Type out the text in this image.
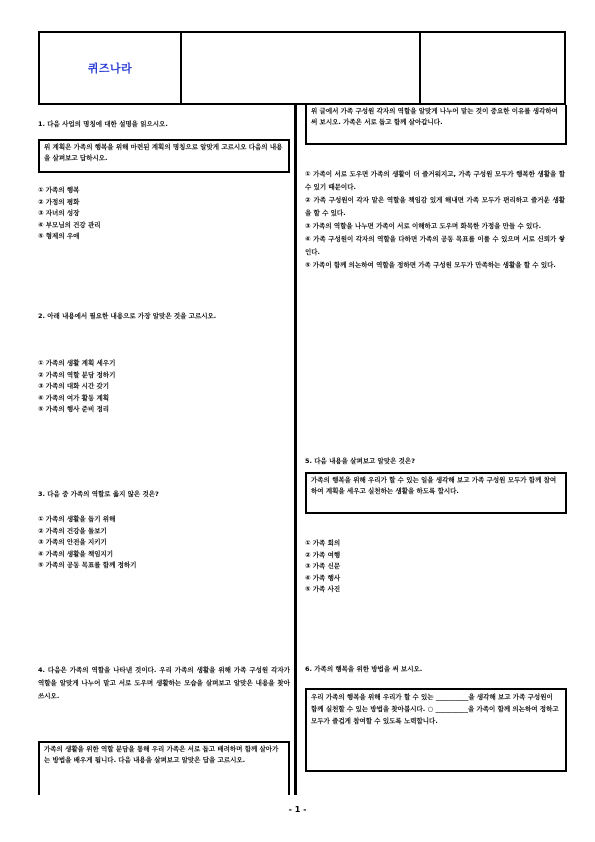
퀴즈나라
1. 다음 사업의 명칭에 대한 설명을 읽으시오.
위 계획은 가족의 행복을 위해 마련된 계획의 명칭으로 알맞게 고르시오 다음의 내용을 살펴보고 답하시오.
① 가족의 행복
② 가정의 평화
③ 자녀의 성장
④ 부모님의 건강 관리
⑤ 형제의 우애
2. 아래 내용에서 필요한 내용으로 가장 알맞은 것을 고르시오.
① 가족의 생활 계획 세우기
② 가족의 역할 분담 정하기
③ 가족의 대화 시간 갖기
④ 가족의 여가 활동 계획
⑤ 가족의 행사 준비 정리
3. 다음 중 가족의 역할로 옳지 않은 것은?
① 가족의 생활을 돕기 위해
② 가족의 건강을 돌보기
③ 가족의 안전을 지키기
④ 가족의 생활을 책임지기
⑤ 가족의 공동 목표를 함께 정하기
4. 다음은 가족의 역할을 나타낸 것이다. 우리 가족의 생활을 위해 가족 구성원 각자가 역할을 알맞게 나누어 맡고 서로 도우며 생활하는 모습을 살펴보고 알맞은 내용을 찾아 쓰시오.
가족의 생활을 위한 역할 분담을 통해 우리 가족은 서로 돕고 배려하며 함께 살아가는 방법을 배우게 됩니다. 다음 내용을 살펴보고 알맞은 답을 고르시오.
위 글에서 가족 구성원 각자의 역할을 알맞게 나누어 맡는 것이 중요한 이유를 생각하여 써 보시오. 가족은 서로 돕고 함께 살아갑니다.
① 가족이 서로 도우면 가족의 생활이 더 즐거워지고, 가족 구성원 모두가 행복한 생활을 할 수 있기 때문이다.
② 가족 구성원이 각자 맡은 역할을 책임감 있게 해내면 가족 모두가 편리하고 즐거운 생활을 할 수 있다.
③ 가족의 역할을 나누면 가족이 서로 이해하고 도우며 화목한 가정을 만들 수 있다.
④ 가족 구성원이 각자의 역할을 다하면 가족의 공동 목표를 이룰 수 있으며 서로 신뢰가 쌓인다.
⑤ 가족이 함께 의논하여 역할을 정하면 가족 구성원 모두가 만족하는 생활을 할 수 있다.
5. 다음 내용을 살펴보고 알맞은 것은?
가족의 행복을 위해 우리가 할 수 있는 일을 생각해 보고 가족 구성원 모두가 함께 참여하여 계획을 세우고 실천하는 생활을 하도록 합시다.
① 가족 회의
② 가족 여행
③ 가족 신문
④ 가족 행사
⑤ 가족 사진
6. 가족의 행복을 위한 방법을 써 보시오.
우리 가족의 행복을 위해 우리가 할 수 있는 __________을 생각해 보고 가족 구성원이 함께 실천할 수 있는 방법을 찾아봅시다. ○ __________을 가족이 함께 의논하여 정하고 모두가 즐겁게 참여할 수 있도록 노력합니다.
- 1 -
